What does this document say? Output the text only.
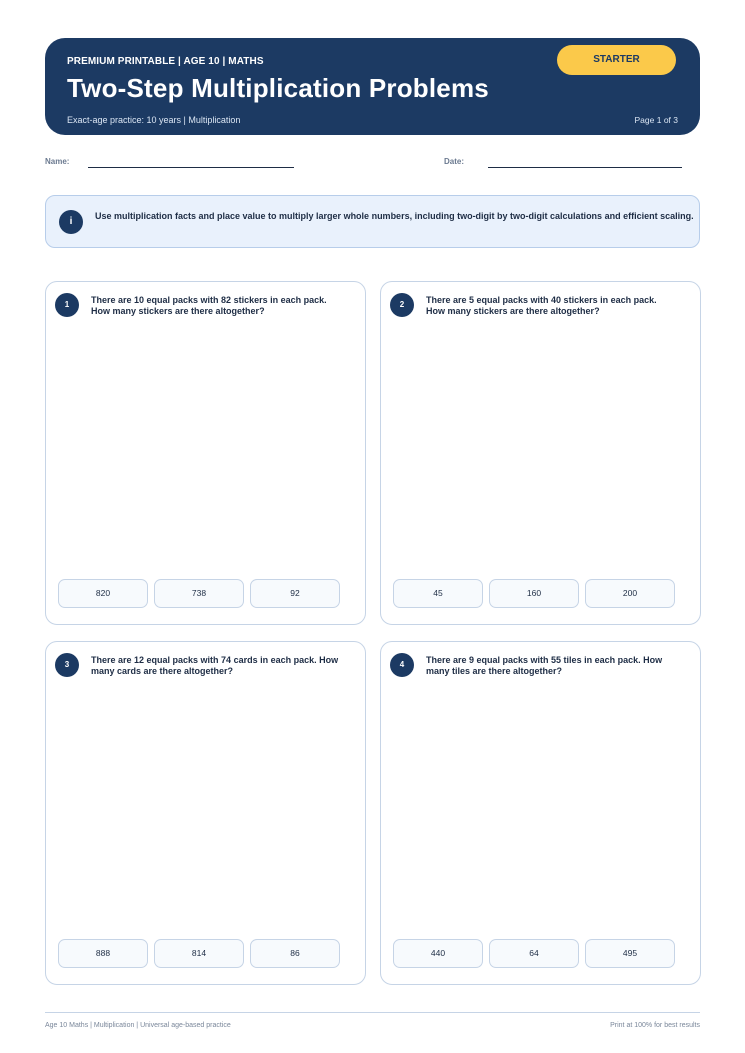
PREMIUM PRINTABLE | AGE 10 | MATHS
Two-Step Multiplication Problems
Exact-age practice: 10 years | Multiplication	Page 1 of 3
STARTER
Name:	Date:
i	Use multiplication facts and place value to multiply larger whole numbers, including two-digit by two-digit calculations and efficient scaling.
1	There are 10 equal packs with 82 stickers in each pack. How many stickers are there altogether?
820	738	92
2	There are 5 equal packs with 40 stickers in each pack. How many stickers are there altogether?
45	160	200
3	There are 12 equal packs with 74 cards in each pack. How many cards are there altogether?
888	814	86
4	There are 9 equal packs with 55 tiles in each pack. How many tiles are there altogether?
440	64	495
Age 10 Maths | Multiplication | Universal age-based practice	Print at 100% for best results
